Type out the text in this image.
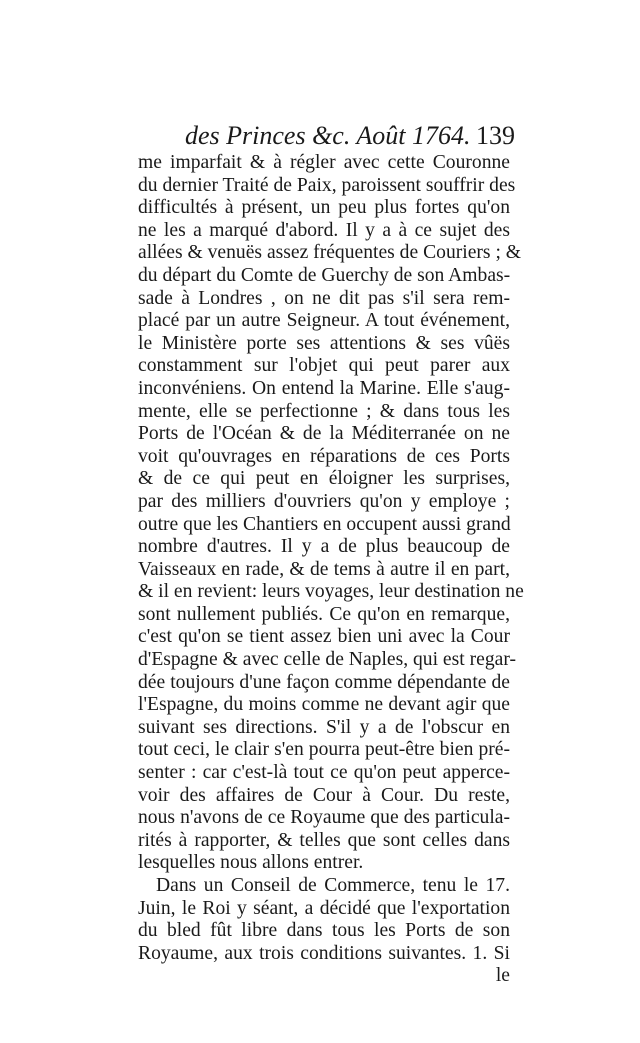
des Princes &c. Août 1764. 139
me imparfait & à régler avec cette Couronne
du dernier Traité de Paix, paroissent souffrir des
difficultés à présent, un peu plus fortes qu'on
ne les a marqué d'abord. Il y a à ce sujet des
allées & venuës assez fréquentes de Couriers ; &
du départ du Comte de Guerchy de son Ambas-
sade à Londres , on ne dit pas s'il sera rem-
placé par un autre Seigneur. A tout événement,
le Ministère porte ses attentions & ses vûës
constamment sur l'objet qui peut parer aux
inconvéniens. On entend la Marine. Elle s'aug-
mente, elle se perfectionne ; & dans tous les
Ports de l'Océan & de la Méditerranée on ne
voit qu'ouvrages en réparations de ces Ports
& de ce qui peut en éloigner les surprises,
par des milliers d'ouvriers qu'on y employe ;
outre que les Chantiers en occupent aussi grand
nombre d'autres. Il y a de plus beaucoup de
Vaisseaux en rade, & de tems à autre il en part,
& il en revient: leurs voyages, leur destination ne
sont nullement publiés. Ce qu'on en remarque,
c'est qu'on se tient assez bien uni avec la Cour
d'Espagne & avec celle de Naples, qui est regar-
dée toujours d'une façon comme dépendante de
l'Espagne, du moins comme ne devant agir que
suivant ses directions. S'il y a de l'obscur en
tout ceci, le clair s'en pourra peut-être bien pré-
senter : car c'est-là tout ce qu'on peut apperce-
voir des affaires de Cour à Cour. Du reste,
nous n'avons de ce Royaume que des particula-
rités à rapporter, & telles que sont celles dans
lesquelles nous allons entrer.
Dans un Conseil de Commerce, tenu le 17.
Juin, le Roi y séant, a décidé que l'exportation
du bled fût libre dans tous les Ports de son
Royaume, aux trois conditions suivantes. 1. Si
le
